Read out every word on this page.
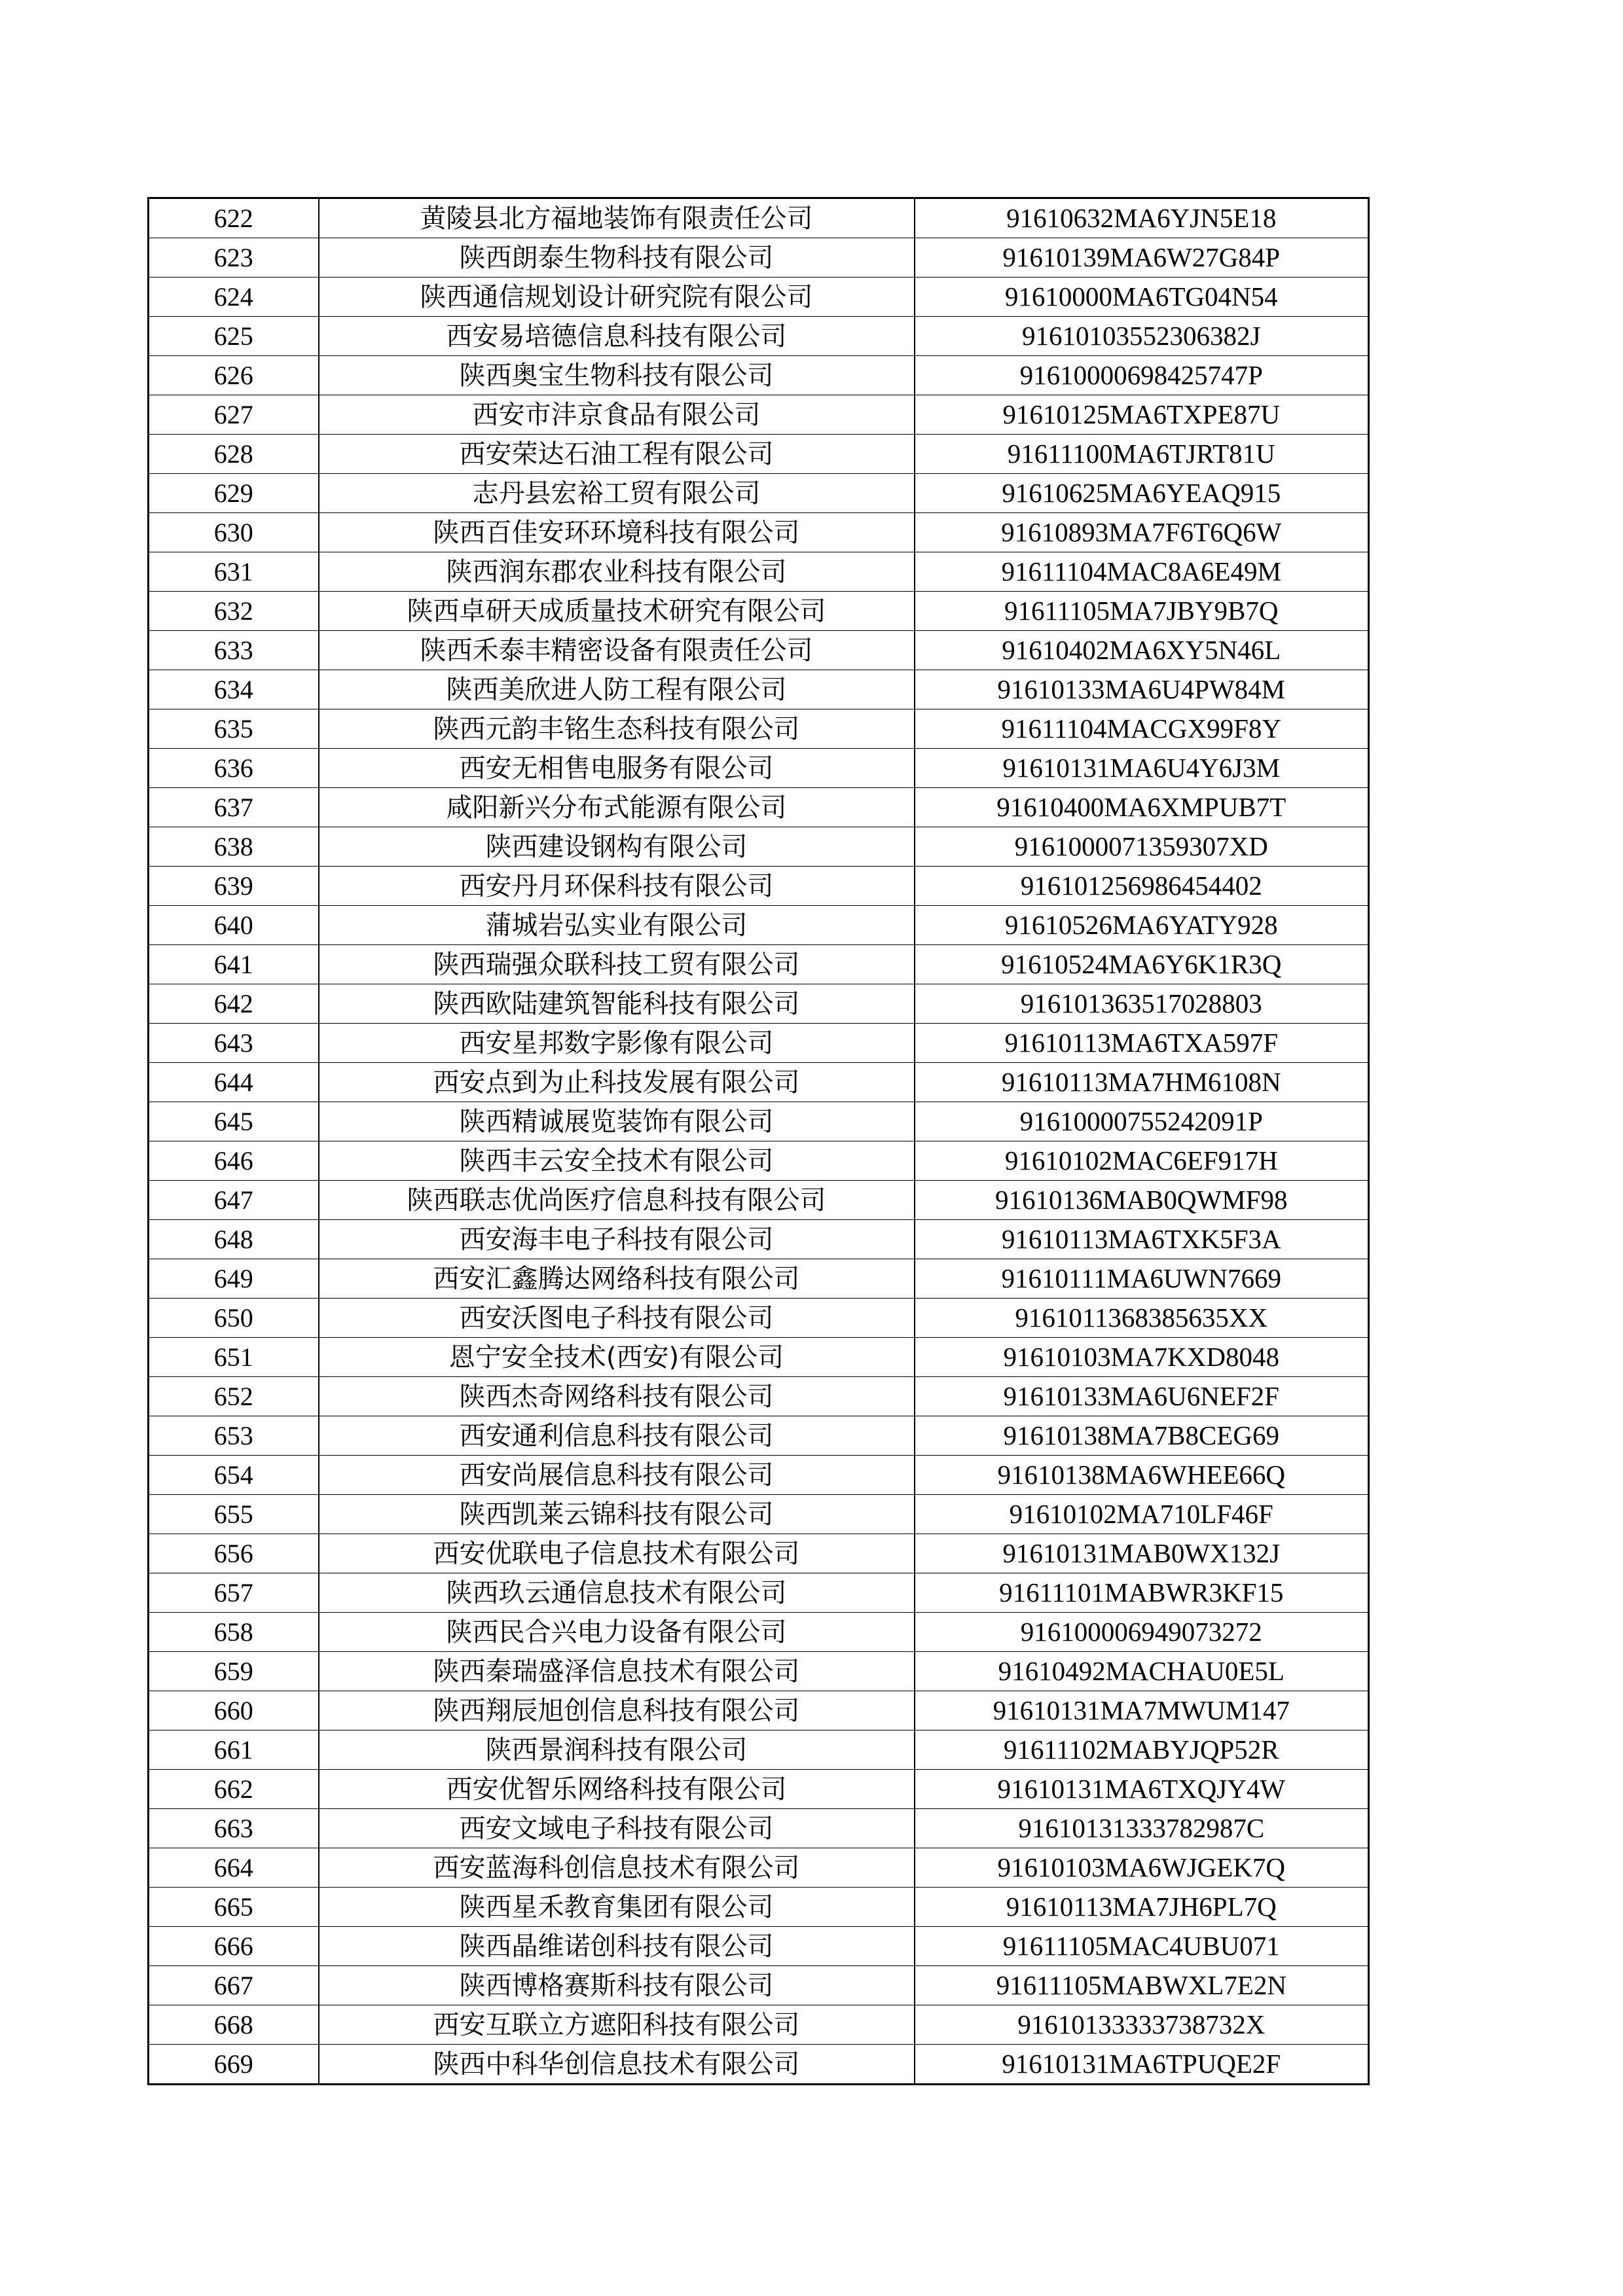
622	黄陵县北方福地装饰有限责任公司	91610632MA6YJN5E18
623	陕西朗泰生物科技有限公司	91610139MA6W27G84P
624	陕西通信规划设计研究院有限公司	91610000MA6TG04N54
625	西安易培德信息科技有限公司	91610103552306382J
626	陕西奥宝生物科技有限公司	91610000698425747P
627	西安市沣京食品有限公司	91610125MA6TXPE87U
628	西安荣达石油工程有限公司	91611100MA6TJRT81U
629	志丹县宏裕工贸有限公司	91610625MA6YEAQ915
630	陕西百佳安环环境科技有限公司	91610893MA7F6T6Q6W
631	陕西润东郡农业科技有限公司	91611104MAC8A6E49M
632	陕西卓研天成质量技术研究有限公司	91611105MA7JBY9B7Q
633	陕西禾泰丰精密设备有限责任公司	91610402MA6XY5N46L
634	陕西美欣进人防工程有限公司	91610133MA6U4PW84M
635	陕西元韵丰铭生态科技有限公司	91611104MACGX99F8Y
636	西安无相售电服务有限公司	91610131MA6U4Y6J3M
637	咸阳新兴分布式能源有限公司	91610400MA6XMPUB7T
638	陕西建设钢构有限公司	9161000071359307XD
639	西安丹月环保科技有限公司	916101256986454402
640	蒲城岩弘实业有限公司	91610526MA6YATY928
641	陕西瑞强众联科技工贸有限公司	91610524MA6Y6K1R3Q
642	陕西欧陆建筑智能科技有限公司	916101363517028803
643	西安星邦数字影像有限公司	91610113MA6TXA597F
644	西安点到为止科技发展有限公司	91610113MA7HM6108N
645	陕西精诚展览装饰有限公司	91610000755242091P
646	陕西丰云安全技术有限公司	91610102MAC6EF917H
647	陕西联志优尚医疗信息科技有限公司	91610136MAB0QWMF98
648	西安海丰电子科技有限公司	91610113MA6TXK5F3A
649	西安汇鑫腾达网络科技有限公司	91610111MA6UWN7669
650	西安沃图电子科技有限公司	9161011368385635XX
651	恩宁安全技术(西安)有限公司	91610103MA7KXD8048
652	陕西杰奇网络科技有限公司	91610133MA6U6NEF2F
653	西安通利信息科技有限公司	91610138MA7B8CEG69
654	西安尚展信息科技有限公司	91610138MA6WHEE66Q
655	陕西凯莱云锦科技有限公司	91610102MA710LF46F
656	西安优联电子信息技术有限公司	91610131MAB0WX132J
657	陕西玖云通信息技术有限公司	91611101MABWR3KF15
658	陕西民合兴电力设备有限公司	916100006949073272
659	陕西秦瑞盛泽信息技术有限公司	91610492MACHAU0E5L
660	陕西翔辰旭创信息科技有限公司	91610131MA7MWUM147
661	陕西景润科技有限公司	91611102MABYJQP52R
662	西安优智乐网络科技有限公司	91610131MA6TXQJY4W
663	西安文域电子科技有限公司	91610131333782987C
664	西安蓝海科创信息技术有限公司	91610103MA6WJGEK7Q
665	陕西星禾教育集团有限公司	91610113MA7JH6PL7Q
666	陕西晶维诺创科技有限公司	91611105MAC4UBU071
667	陕西博格赛斯科技有限公司	91611105MABWXL7E2N
668	西安互联立方遮阳科技有限公司	91610133333738732X
669	陕西中科华创信息技术有限公司	91610131MA6TPUQE2F
